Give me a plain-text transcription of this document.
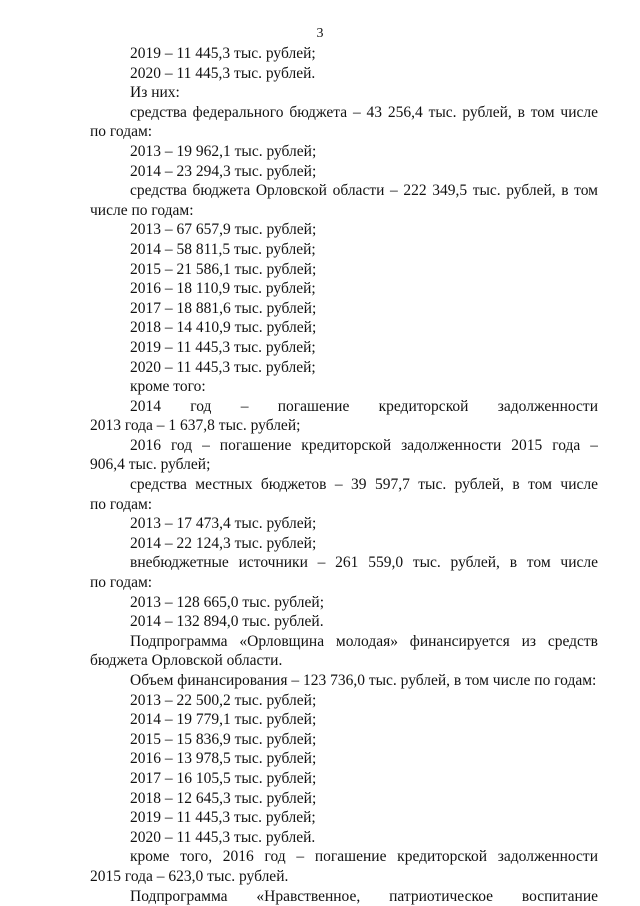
3
2019 – 11 445,3 тыс. рублей;
2020 – 11 445,3 тыс. рублей.
Из них:
средства федерального бюджета – 43 256,4 тыс. рублей, в том числе
по годам:
2013 – 19 962,1 тыс. рублей;
2014 – 23 294,3 тыс. рублей;
средства бюджета Орловской области – 222 349,5 тыс. рублей, в том
числе по годам:
2013 – 67 657,9 тыс. рублей;
2014 – 58 811,5 тыс. рублей;
2015 – 21 586,1 тыс. рублей;
2016 – 18 110,9 тыс. рублей;
2017 – 18 881,6 тыс. рублей;
2018 – 14 410,9 тыс. рублей;
2019 – 11 445,3 тыс. рублей;
2020 – 11 445,3 тыс. рублей;
кроме того:
2014 год – погашение кредиторской задолженности
2013 года – 1 637,8 тыс. рублей;
2016 год – погашение кредиторской задолженности 2015 года –
906,4 тыс. рублей;
средства местных бюджетов – 39 597,7 тыс. рублей, в том числе
по годам:
2013 – 17 473,4 тыс. рублей;
2014 – 22 124,3 тыс. рублей;
внебюджетные источники – 261 559,0 тыс. рублей, в том числе
по годам:
2013 – 128 665,0 тыс. рублей;
2014 – 132 894,0 тыс. рублей.
Подпрограмма «Орловщина молодая» финансируется из средств
бюджета Орловской области.
Объем финансирования – 123 736,0 тыс. рублей, в том числе по годам:
2013 – 22 500,2 тыс. рублей;
2014 – 19 779,1 тыс. рублей;
2015 – 15 836,9 тыс. рублей;
2016 – 13 978,5 тыс. рублей;
2017 – 16 105,5 тыс. рублей;
2018 – 12 645,3 тыс. рублей;
2019 – 11 445,3 тыс. рублей;
2020 – 11 445,3 тыс. рублей.
кроме того, 2016 год – погашение кредиторской задолженности
2015 года – 623,0 тыс. рублей.
Подпрограмма «Нравственное, патриотическое воспитание
